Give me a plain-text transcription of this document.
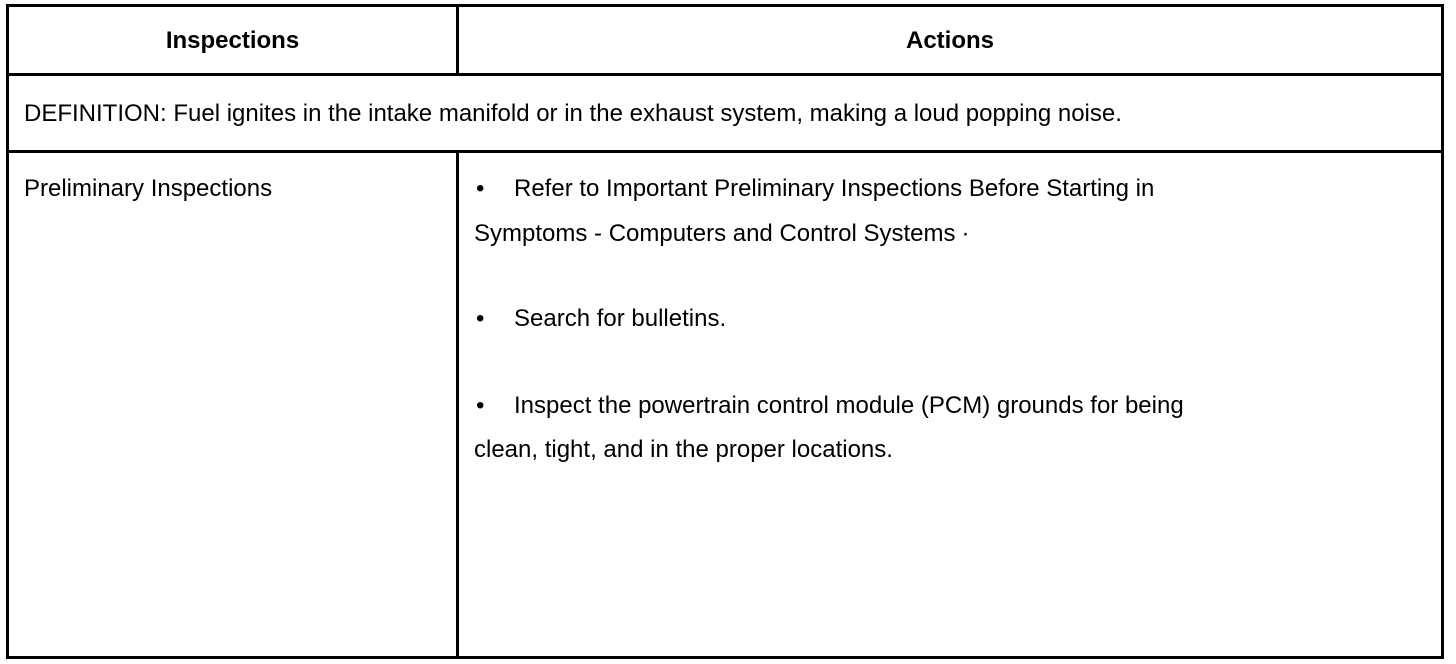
Inspections	Actions
DEFINITION: Fuel ignites in the intake manifold or in the exhaust system, making a loud popping noise.
Preliminary Inspections	• Refer to Important Preliminary Inspections Before Starting in
Symptoms - Computers and Control Systems ·
• Search for bulletins.
• Inspect the powertrain control module (PCM) grounds for being
clean, tight, and in the proper locations.
